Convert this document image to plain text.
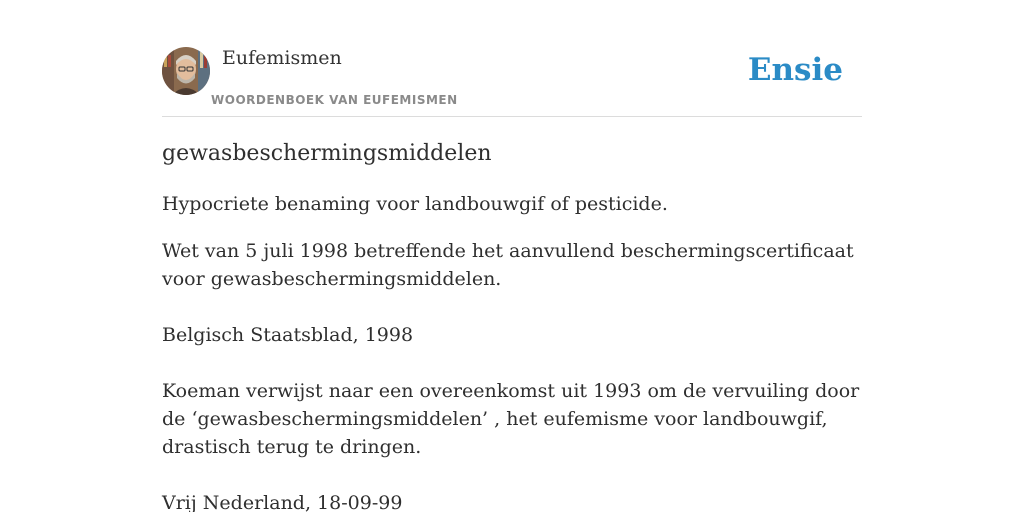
Eufemismen
WOORDENBOEK VAN EUFEMISMEN
Ensie
gewasbeschermingsmiddelen

Hypocriete benaming voor landbouwgif of pesticide.

Wet van 5 juli 1998 betreffende het aanvullend beschermingscertificaat voor gewasbeschermingsmiddelen.

Belgisch Staatsblad, 1998

Koeman verwijst naar een overeenkomst uit 1993 om de vervuiling door de ‘gewasbeschermingsmiddelen’ , het eufemisme voor landbouwgif, drastisch terug te dringen.

Vrij Nederland, 18-09-99
